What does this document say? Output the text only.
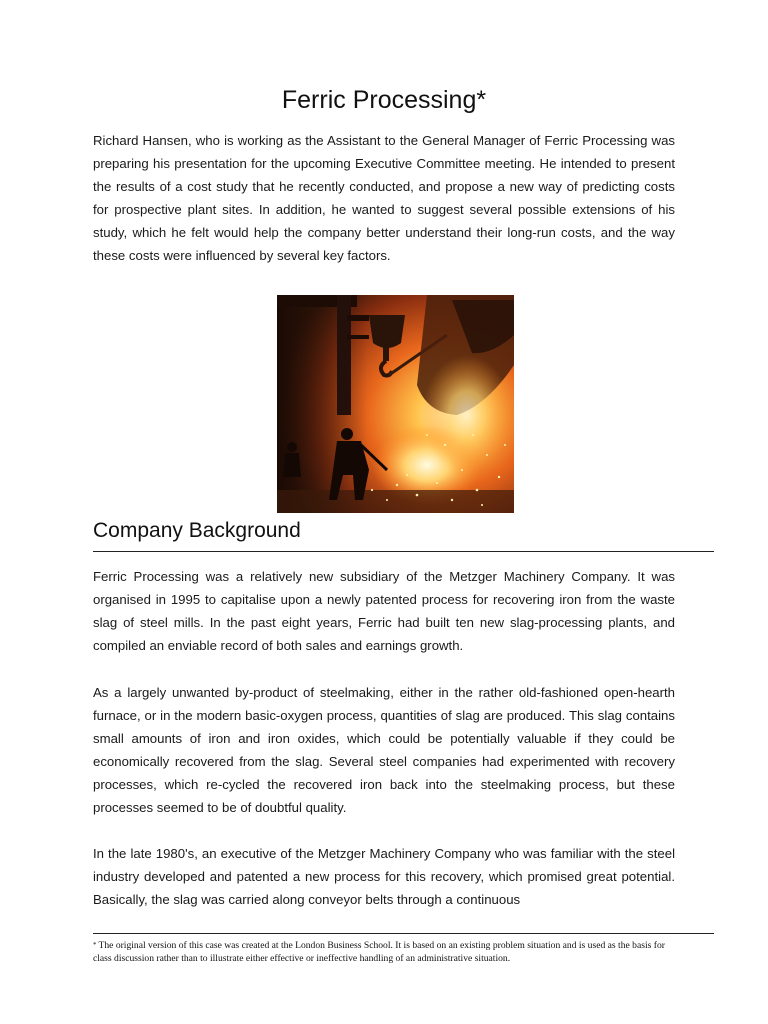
Ferric Processing*

Richard Hansen, who is working as the Assistant to the General Manager of Ferric Processing was preparing his presentation for the upcoming Executive Committee meeting. He intended to present the results of a cost study that he recently conducted, and propose a new way of predicting costs for prospective plant sites. In addition, he wanted to suggest several possible extensions of his study, which he felt would help the company better understand their long-run costs, and the way these costs were influenced by several key factors.

Company Background

Ferric Processing was a relatively new subsidiary of the Metzger Machinery Company. It was organised in 1995 to capitalise upon a newly patented process for recovering iron from the waste slag of steel mills. In the past eight years, Ferric had built ten new slag-processing plants, and compiled an enviable record of both sales and earnings growth.

As a largely unwanted by-product of steelmaking, either in the rather old-fashioned open-hearth furnace, or in the modern basic-oxygen process, quantities of slag are produced. This slag contains small amounts of iron and iron oxides, which could be potentially valuable if they could be economically recovered from the slag. Several steel companies had experimented with recovery processes, which re-cycled the recovered iron back into the steelmaking process, but these processes seemed to be of doubtful quality.

In the late 1980's, an executive of the Metzger Machinery Company who was familiar with the steel industry developed and patented a new process for this recovery, which promised great potential. Basically, the slag was carried along conveyor belts through a continuous

* The original version of this case was created at the London Business School. It is based on an existing problem situation and is used as the basis for class discussion rather than to illustrate either effective or ineffective handling of an administrative situation.
